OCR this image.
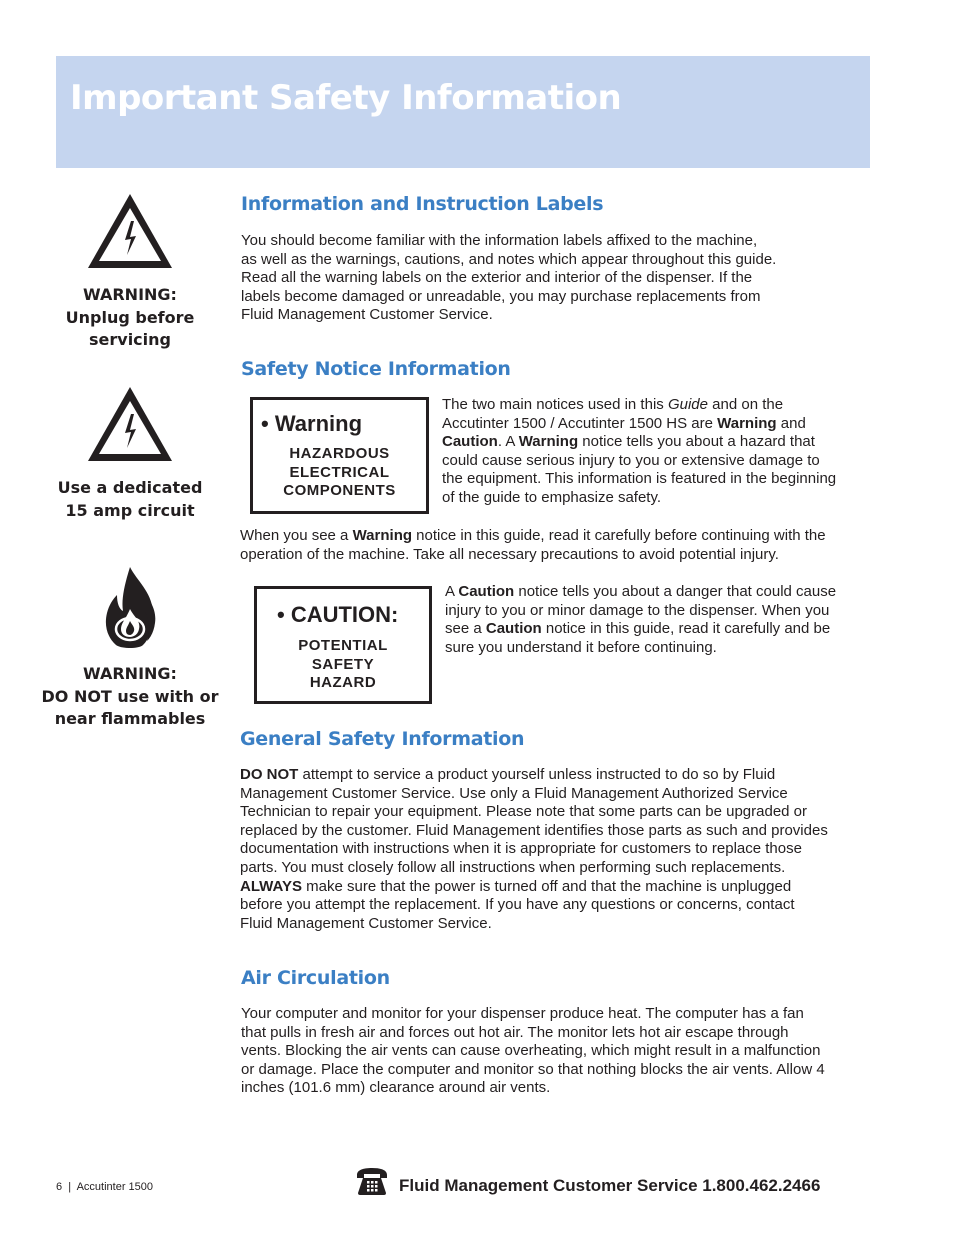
Important Safety Information
WARNING:
Unplug before
servicing
Use a dedicated
15 amp circuit
WARNING:
DO NOT use with or
near flammables
Information and Instruction Labels
You should become familiar with the information labels affixed to the machine,
as well as the warnings, cautions, and notes which appear throughout this guide.
Read all the warning labels on the exterior and interior of the dispenser. If the
labels become damaged or unreadable, you may purchase replacements from
Fluid Management Customer Service.
Safety Notice Information
• Warning
HAZARDOUS
ELECTRICAL
COMPONENTS
The two main notices used in this Guide and on the
Accutinter 1500 / Accutinter 1500 HS are Warning and
Caution. A Warning notice tells you about a hazard that
could cause serious injury to you or extensive damage to
the equipment. This information is featured in the beginning
of the guide to emphasize safety.
When you see a Warning notice in this guide, read it carefully before continuing with the
operation of the machine. Take all necessary precautions to avoid potential injury.
• CAUTION:
POTENTIAL
SAFETY
HAZARD
A Caution notice tells you about a danger that could cause
injury to you or minor damage to the dispenser. When you
see a Caution notice in this guide, read it carefully and be
sure you understand it before continuing.
General Safety Information
DO NOT attempt to service a product yourself unless instructed to do so by Fluid
Management Customer Service. Use only a Fluid Management Authorized Service
Technician to repair your equipment. Please note that some parts can be upgraded or
replaced by the customer. Fluid Management identifies those parts as such and provides
documentation with instructions when it is appropriate for customers to replace those
parts. You must closely follow all instructions when performing such replacements.
ALWAYS make sure that the power is turned off and that the machine is unplugged
before you attempt the replacement. If you have any questions or concerns, contact
Fluid Management Customer Service.
Air Circulation
Your computer and monitor for your dispenser produce heat. The computer has a fan
that pulls in fresh air and forces out hot air. The monitor lets hot air escape through
vents. Blocking the air vents can cause overheating, which might result in a malfunction
or damage. Place the computer and monitor so that nothing blocks the air vents. Allow 4
inches (101.6 mm) clearance around air vents.
6  |  Accutinter 1500	Fluid Management Customer Service 1.800.462.2466
